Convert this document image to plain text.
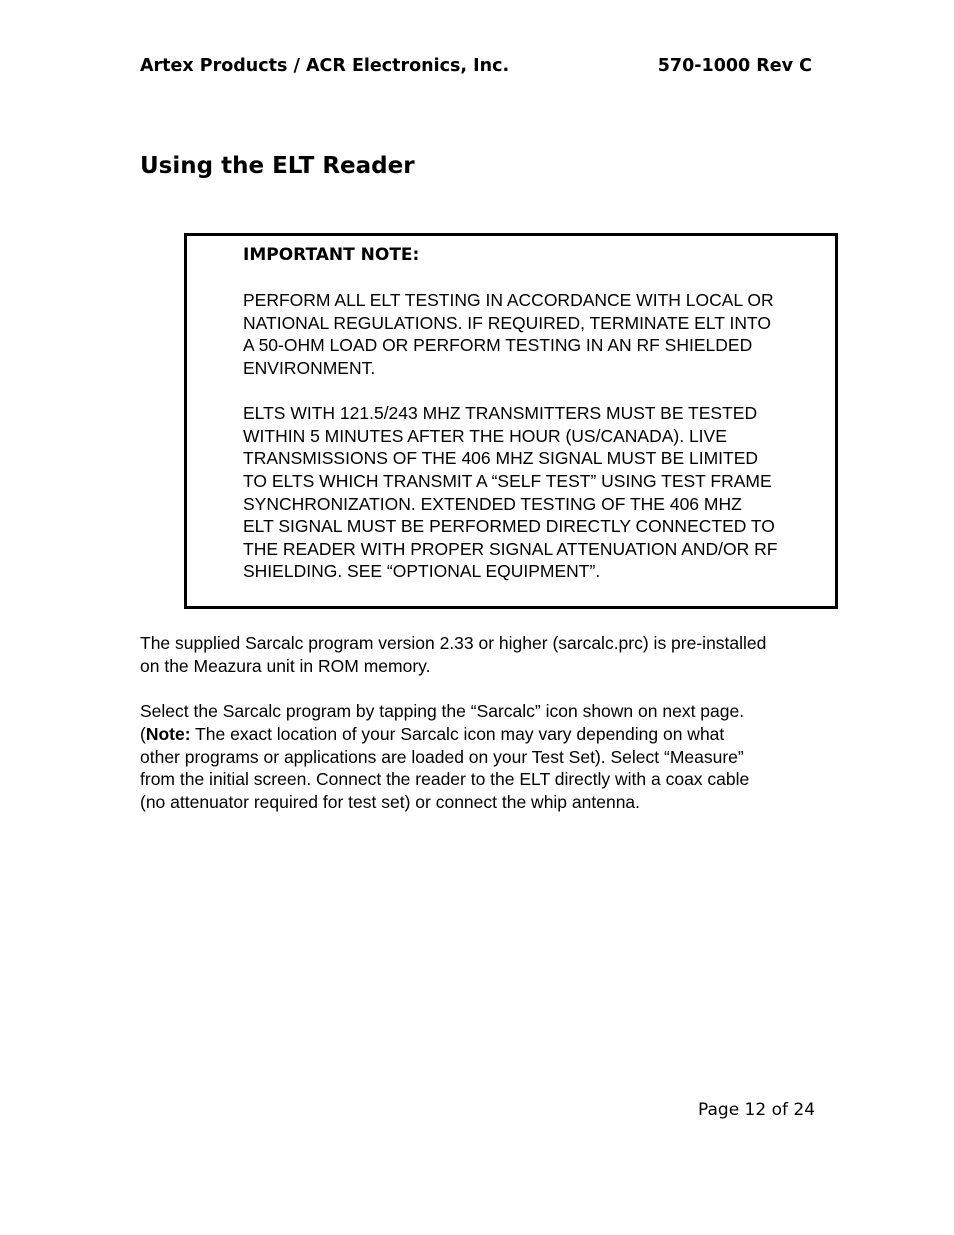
Artex Products / ACR Electronics, Inc.	570-1000 Rev C
Using the ELT Reader
IMPORTANT NOTE:
PERFORM ALL ELT TESTING IN ACCORDANCE WITH LOCAL OR
NATIONAL REGULATIONS. IF REQUIRED, TERMINATE ELT INTO
A 50-OHM LOAD OR PERFORM TESTING IN AN RF SHIELDED
ENVIRONMENT.
ELTS WITH 121.5/243 MHZ TRANSMITTERS MUST BE TESTED
WITHIN 5 MINUTES AFTER THE HOUR (US/CANADA). LIVE
TRANSMISSIONS OF THE 406 MHZ SIGNAL MUST BE LIMITED
TO ELTS WHICH TRANSMIT A “SELF TEST” USING TEST FRAME
SYNCHRONIZATION. EXTENDED TESTING OF THE 406 MHZ
ELT SIGNAL MUST BE PERFORMED DIRECTLY CONNECTED TO
THE READER WITH PROPER SIGNAL ATTENUATION AND/OR RF
SHIELDING. SEE “OPTIONAL EQUIPMENT”.

The supplied Sarcalc program version 2.33 or higher (sarcalc.prc) is pre-installed
on the Meazura unit in ROM memory.

Select the Sarcalc program by tapping the “Sarcalc” icon shown on next page.
(Note: The exact location of your Sarcalc icon may vary depending on what
other programs or applications are loaded on your Test Set). Select “Measure”
from the initial screen. Connect the reader to the ELT directly with a coax cable
(no attenuator required for test set) or connect the whip antenna.

Page 12 of 24
